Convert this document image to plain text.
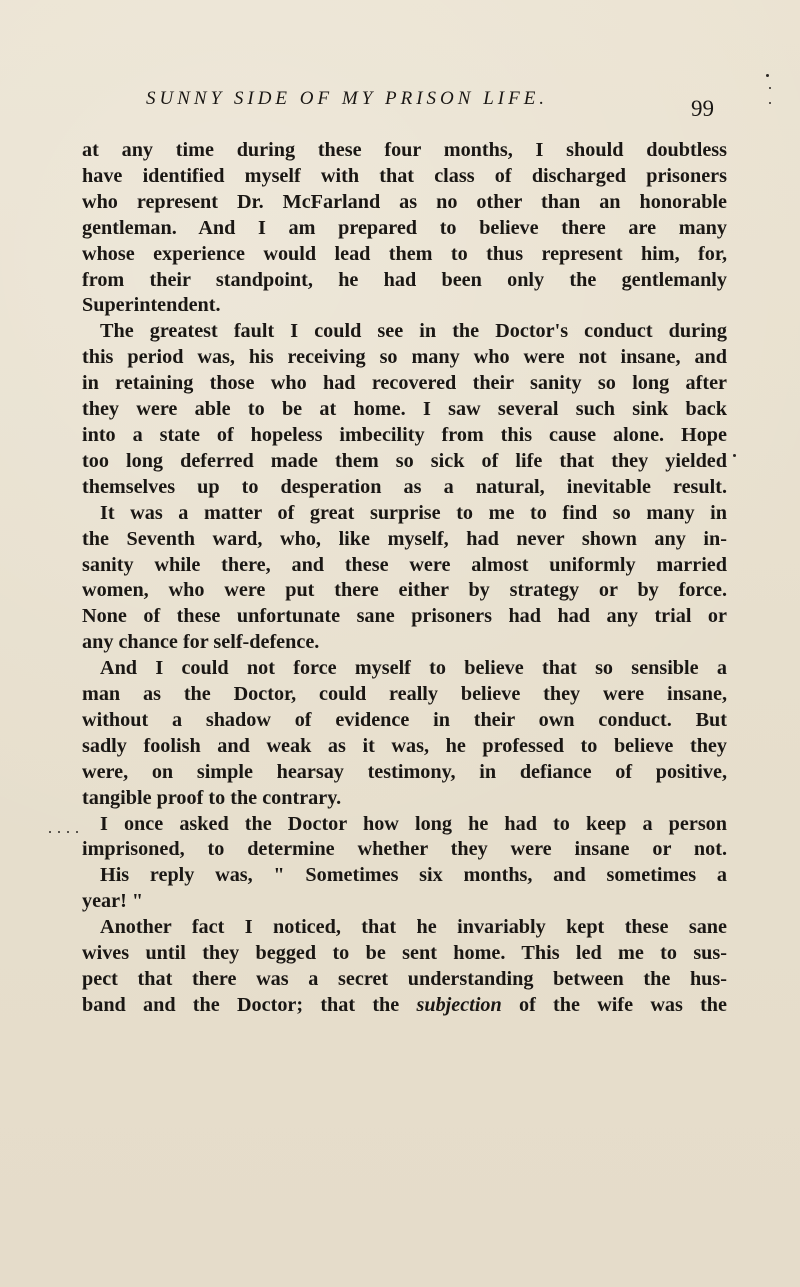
SUNNY SIDE OF MY PRISON LIFE.	99
at any time during these four months, I should doubtless
have identified myself with that class of discharged prisoners
who represent Dr. McFarland as no other than an honorable
gentleman. And I am prepared to believe there are many
whose experience would lead them to thus represent him, for,
from their standpoint, he had been only the gentlemanly
Superintendent.
The greatest fault I could see in the Doctor's conduct during
this period was, his receiving so many who were not insane, and
in retaining those who had recovered their sanity so long after
they were able to be at home. I saw several such sink back
into a state of hopeless imbecility from this cause alone. Hope
too long deferred made them so sick of life that they yielded
themselves up to desperation as a natural, inevitable result.
It was a matter of great surprise to me to find so many in
the Seventh ward, who, like myself, had never shown any in-
sanity while there, and these were almost uniformly married
women, who were put there either by strategy or by force.
None of these unfortunate sane prisoners had had any trial or
any chance for self-defence.
And I could not force myself to believe that so sensible a
man as the Doctor, could really believe they were insane,
without a shadow of evidence in their own conduct. But
sadly foolish and weak as it was, he professed to believe they
were, on simple hearsay testimony, in defiance of positive,
tangible proof to the contrary.
I once asked the Doctor how long he had to keep a person
imprisoned, to determine whether they were insane or not.
His reply was, " Sometimes six months, and sometimes a
year! "
Another fact I noticed, that he invariably kept these sane
wives until they begged to be sent home. This led me to sus-
pect that there was a secret understanding between the hus-
band and the Doctor; that the subjection of the wife was the
